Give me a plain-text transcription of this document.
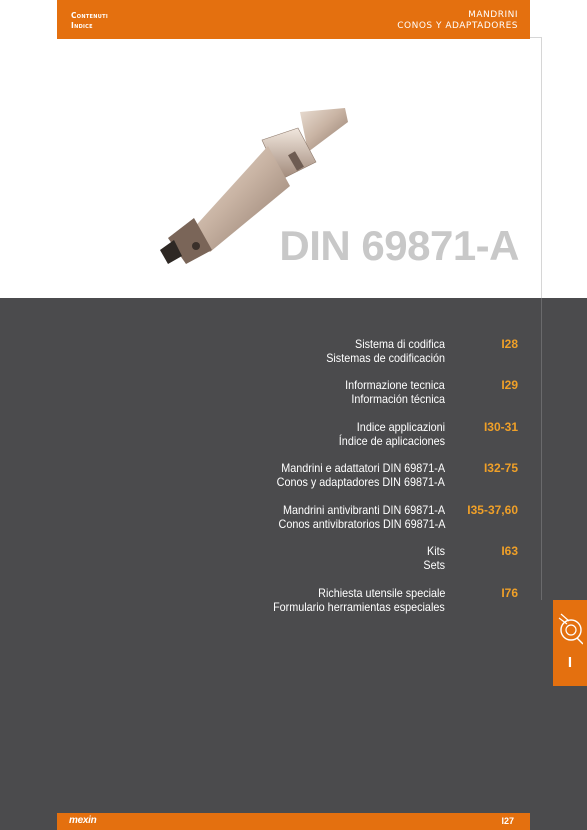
Contenuti
Indice
MANDRINI
CONOS Y ADAPTADORES
DIN 69871-A
Sistema di codifica
Sistemas de codificación
I28
Informazione tecnica
Información técnica
I29
Indice applicazioni
Índice de aplicaciones
I30-31
Mandrini e adattatori DIN 69871-A
Conos y adaptadores DIN 69871-A
I32-75
Mandrini antivibranti DIN 69871-A
Conos antivibratorios DIN 69871-A
I35-37,60
Kits
Sets
I63
Richiesta utensile speciale
Formulario herramientas especiales
I76
I
mexin	I27
